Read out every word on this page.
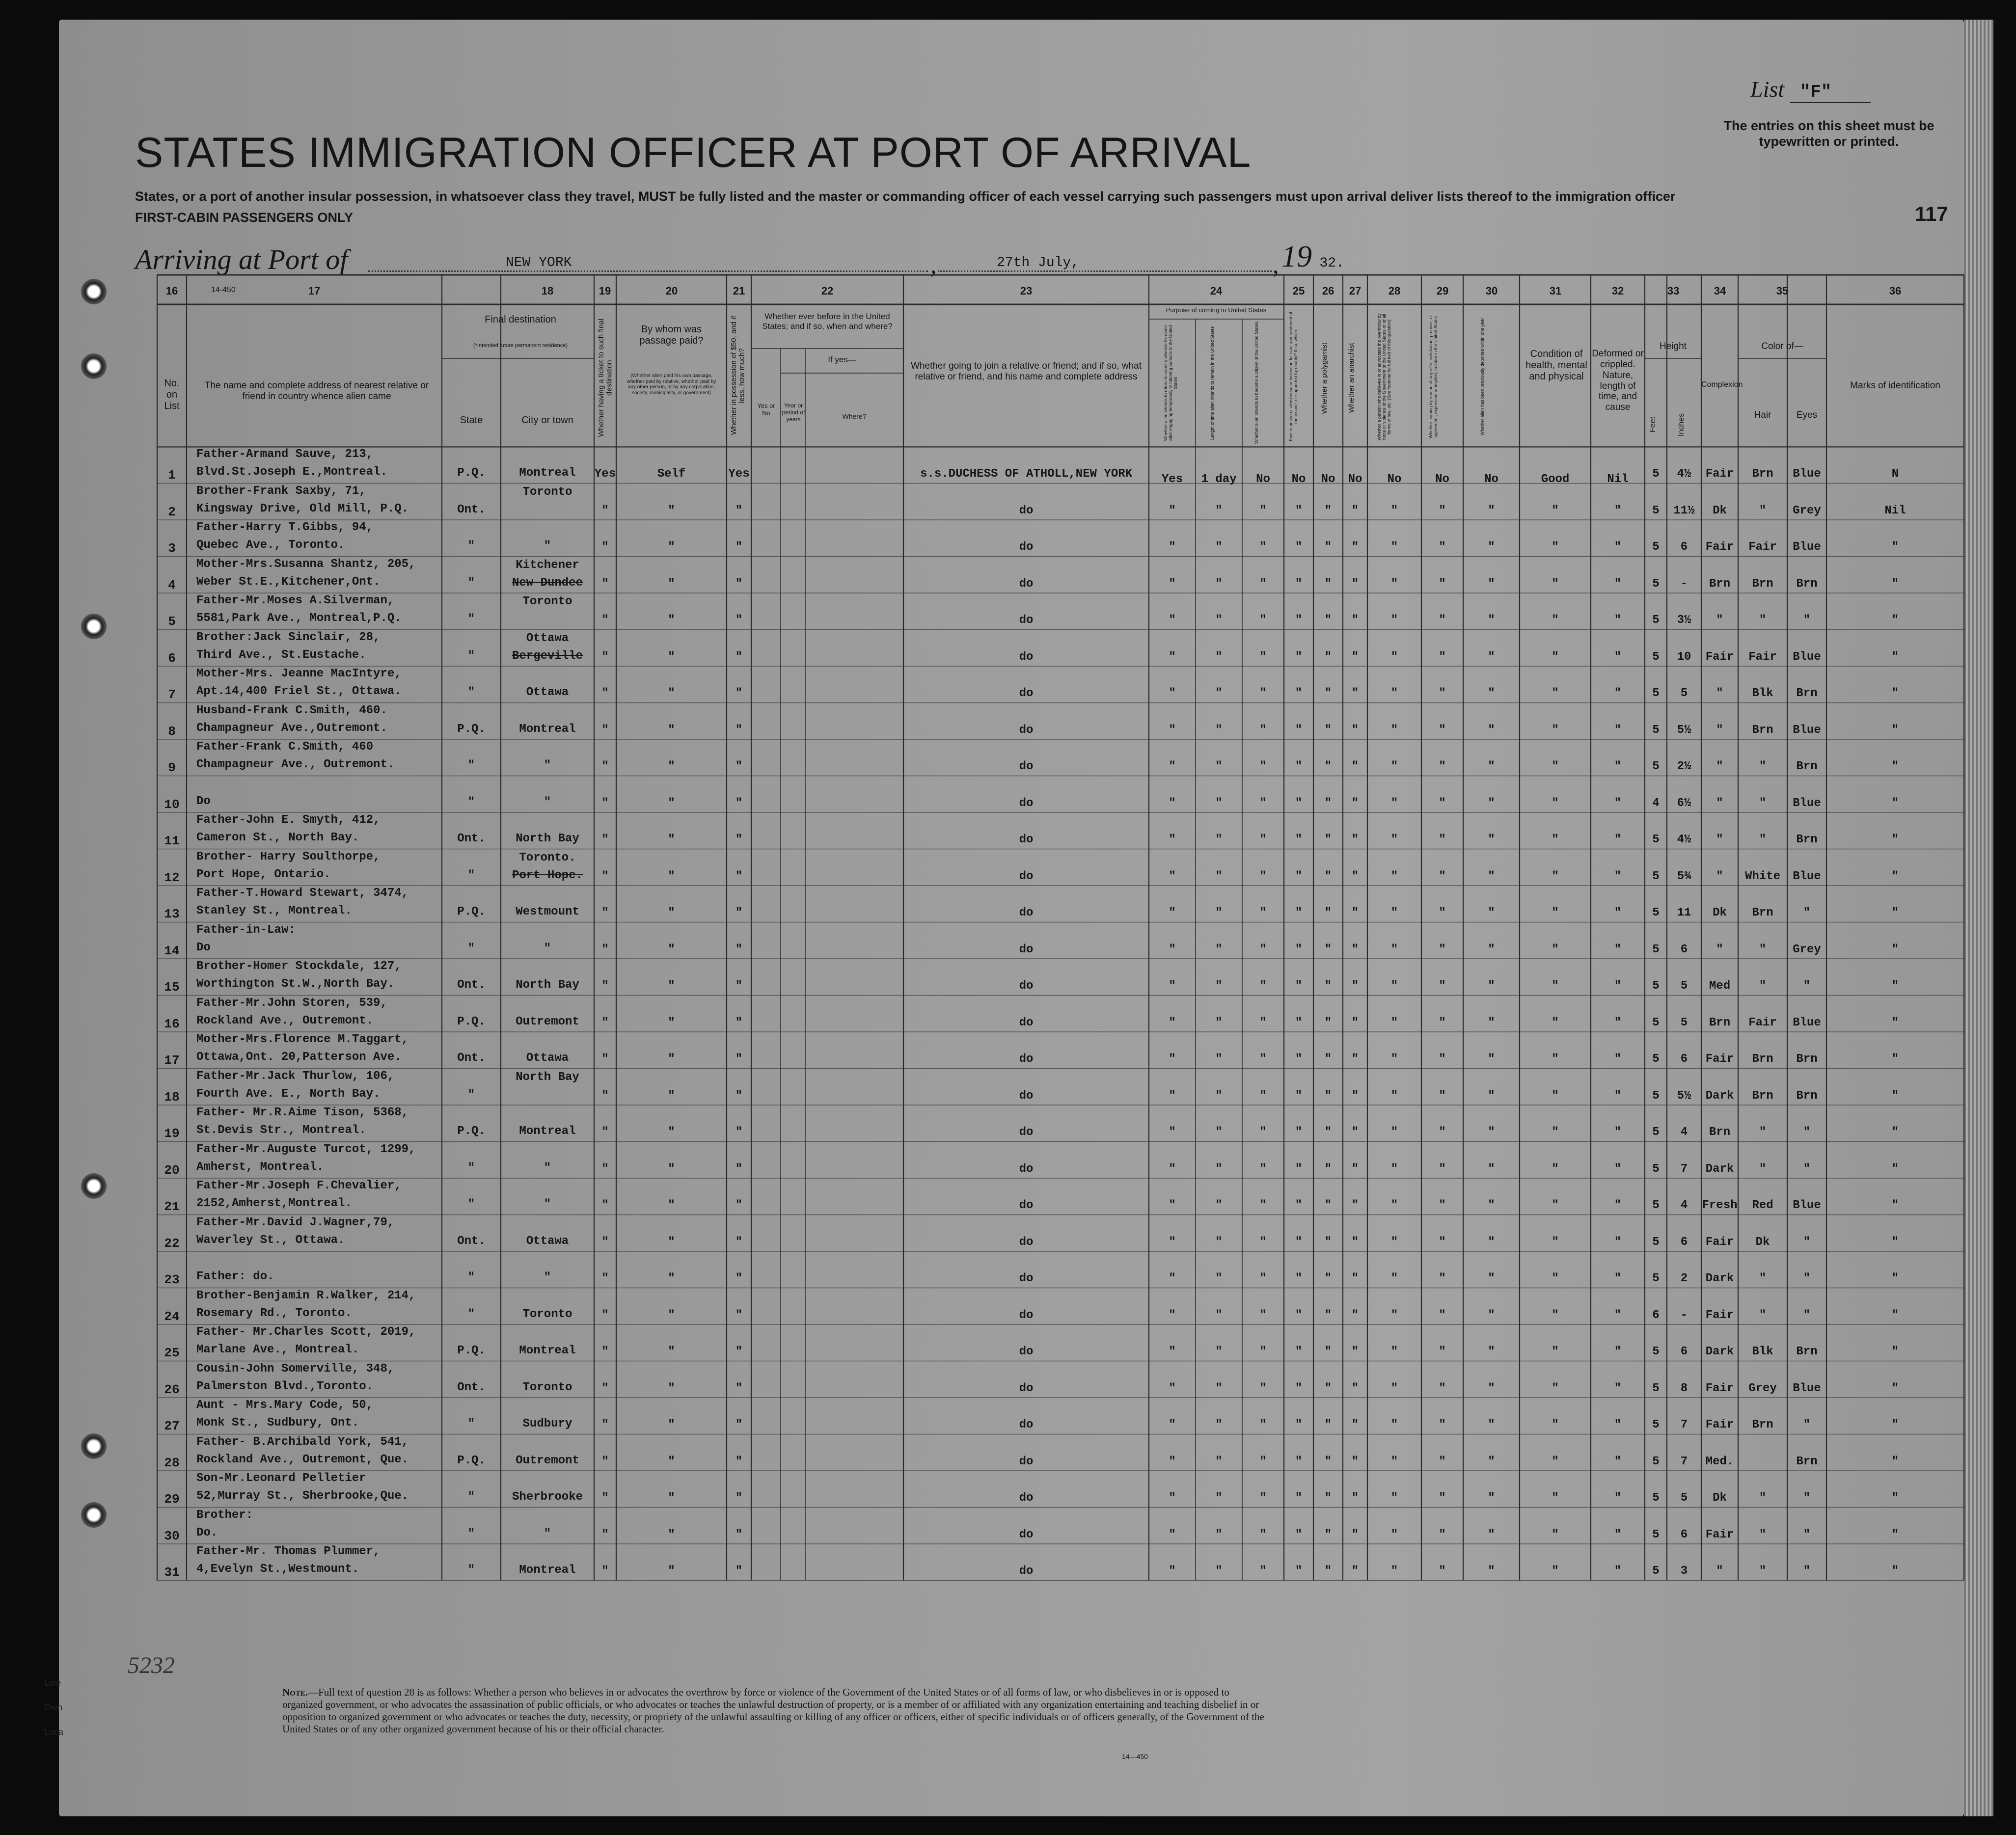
List "F"
The entries on this sheet must be typewritten or printed.
STATES IMMIGRATION OFFICER AT PORT OF ARRIVAL
States, or a port of another insular possession, in whatsoever class they travel, MUST be fully listed and the master or commanding officer of each vessel carrying such passengers must upon arrival deliver lists thereof to the immigration officer
FIRST-CABIN PASSENGERS ONLY	117
Arriving at Port of	NEW YORK	,	27th July,	, 19 32.
14-450
16	17	18	19	20	21	22	23	24	25	26	27	28	29	30	31	32	33	34	35	36
No. on List
The name and complete address of nearest relative or friend in country whence alien came
Final destination
(*Intended future permanent residence)
State	City or town	Whether having a ticket to such final destination
By whom was passage paid?
(Whether alien paid his own passage, whether paid by relative, whether paid by any other person, or by any corporation, society, municipality, or government)	Whether in possession of $50, and if less, how much?
Whether ever before in the United States; and if so, when and where?
Yes or No
If yes—
Year or period of years	Where?
Whether going to join a relative or friend; and if so, what relative or friend, and his name and complete address
Purpose of coming to United States
Whether alien intends to return to country whence he came after engaging temporarily in laboring pursuits in the United States	Length of time alien intends to remain in the United States	Whether alien intends to become a citizen of the United States	Ever in prison or almshouse or institution for care and treatment of the insane, or supported by charity? If so, which	Whether a polygamist	Whether an anarchist	Whether a person who believes in or advocates the overthrow by force or violence of the Government of the United States or of all forms of law, etc. (See footnote for full text of this question)	Whether coming by reason of any offer, solicitation, promise, or agreement, expressed or implied, to labor in the United States	Whether alien has been previously deported within one year	Condition of health, mental and physical
Deformed or crippled. Nature, length of time, and cause
Height
Feet	Inches
Complexion
Color of—
Hair	Eyes
Marks of identification
1
Father-Armand Sauve, 213,
Blvd.St.Joseph E.,Montreal.	P.Q.	Montreal	Yes	Self	Yes	s.s.DUCHESS OF ATHOLL,NEW YORK	Yes	1 day	No	No	No	No	No	No	No	Good	Nil	5	4½	Fair	Brn	Blue	N
2
Brother-Frank Saxby, 71,
Kingsway Drive, Old Mill, P.Q.	Ont.
Toronto
"	"	"	do	"	"	"	"	"	"	"	"	"	"	"	5	11½	Dk	"	Grey	Nil
3
Father-Harry T.Gibbs, 94,
Quebec Ave., Toronto.	"	"	"	"	"	do	"	"	"	"	"	"	"	"	"	"	"	5	6	Fair	Fair	Blue	"
4
Mother-Mrs.Susanna Shantz, 205,
Weber St.E.,Kitchener,Ont.	"
Kitchener
New Dundee	"	"	"	do	"	"	"	"	"	"	"	"	"	"	"	5	-	Brn	Brn	Brn	"
5
Father-Mr.Moses A.Silverman,
5581,Park Ave., Montreal,P.Q.	"
Toronto
"	"	"	do	"	"	"	"	"	"	"	"	"	"	"	5	3½	"	"	"	"
6
Brother:Jack Sinclair, 28,
Third Ave., St.Eustache.	"
Ottawa
Bergeville	"	"	"	do	"	"	"	"	"	"	"	"	"	"	"	5	10	Fair	Fair	Blue	"
7
Mother-Mrs. Jeanne MacIntyre,
Apt.14,400 Friel St., Ottawa.	"	Ottawa	"	"	"	do	"	"	"	"	"	"	"	"	"	"	"	5	5	"	Blk	Brn	"
8
Husband-Frank C.Smith, 460.
Champagneur Ave.,Outremont.	P.Q.	Montreal	"	"	"	do	"	"	"	"	"	"	"	"	"	"	"	5	5½	"	Brn	Blue	"
9
Father-Frank C.Smith, 460
Champagneur Ave., Outremont.	"	"	"	"	"	do	"	"	"	"	"	"	"	"	"	"	"	5	2½	"	"	Brn	"
10	Do	"	"	"	"	"	do	"	"	"	"	"	"	"	"	"	"	"	4	6½	"	"	Blue	"
11
Father-John E. Smyth, 412,
Cameron St., North Bay.	Ont.	North Bay	"	"	"	do	"	"	"	"	"	"	"	"	"	"	"	5	4½	"	"	Brn	"
12
Brother- Harry Soulthorpe,
Port Hope, Ontario.	"
Toronto.
Port Hope.	"	"	"	do	"	"	"	"	"	"	"	"	"	"	"	5	5¾	"	White	Blue	"
13
Father-T.Howard Stewart, 3474,
Stanley St., Montreal.	P.Q.	Westmount	"	"	"	do	"	"	"	"	"	"	"	"	"	"	"	5	11	Dk	Brn	"	"
14
Father-in-Law:
Do	"	"	"	"	"	do	"	"	"	"	"	"	"	"	"	"	"	5	6	"	"	Grey	"
15
Brother-Homer Stockdale, 127,
Worthington St.W.,North Bay.	Ont.	North Bay	"	"	"	do	"	"	"	"	"	"	"	"	"	"	"	5	5	Med	"	"	"
16
Father-Mr.John Storen, 539,
Rockland Ave., Outremont.	P.Q.	Outremont	"	"	"	do	"	"	"	"	"	"	"	"	"	"	"	5	5	Brn	Fair	Blue	"
17
Mother-Mrs.Florence M.Taggart,
Ottawa,Ont. 20,Patterson Ave.	Ont.	Ottawa	"	"	"	do	"	"	"	"	"	"	"	"	"	"	"	5	6	Fair	Brn	Brn	"
18
Father-Mr.Jack Thurlow, 106,
Fourth Ave. E., North Bay.	"
North Bay
"	"	"	do	"	"	"	"	"	"	"	"	"	"	"	5	5½	Dark	Brn	Brn	"
19
Father- Mr.R.Aime Tison, 5368,
St.Devis Str., Montreal.	P.Q.	Montreal	"	"	"	do	"	"	"	"	"	"	"	"	"	"	"	5	4	Brn	"	"	"
20
Father-Mr.Auguste Turcot, 1299,
Amherst, Montreal.	"	"	"	"	"	do	"	"	"	"	"	"	"	"	"	"	"	5	7	Dark	"	"	"
21
Father-Mr.Joseph F.Chevalier,
2152,Amherst,Montreal.	"	"	"	"	"	do	"	"	"	"	"	"	"	"	"	"	"	5	4	Fresh	Red	Blue	"
22
Father-Mr.David J.Wagner,79,
Waverley St., Ottawa.	Ont.	Ottawa	"	"	"	do	"	"	"	"	"	"	"	"	"	"	"	5	6	Fair	Dk	"	"
23	Father: do.	"	"	"	"	"	do	"	"	"	"	"	"	"	"	"	"	"	5	2	Dark	"	"	"
24
Brother-Benjamin R.Walker, 214,
Rosemary Rd., Toronto.	"	Toronto	"	"	"	do	"	"	"	"	"	"	"	"	"	"	"	6	-	Fair	"	"	"
25
Father- Mr.Charles Scott, 2019,
Marlane Ave., Montreal.	P.Q.	Montreal	"	"	"	do	"	"	"	"	"	"	"	"	"	"	"	5	6	Dark	Blk	Brn	"
26
Cousin-John Somerville, 348,
Palmerston Blvd.,Toronto.	Ont.	Toronto	"	"	"	do	"	"	"	"	"	"	"	"	"	"	"	5	8	Fair	Grey	Blue	"
27
Aunt - Mrs.Mary Code, 50,
Monk St., Sudbury, Ont.	"	Sudbury	"	"	"	do	"	"	"	"	"	"	"	"	"	"	"	5	7	Fair	Brn	"	"
28
Father- B.Archibald York, 541,
Rockland Ave., Outremont, Que.	P.Q.	Outremont	"	"	"	do	"	"	"	"	"	"	"	"	"	"	"	5	7	Med.	Brn	"
29
Son-Mr.Leonard Pelletier
52,Murray St., Sherbrooke,Que.	"	Sherbrooke	"	"	"	do	"	"	"	"	"	"	"	"	"	"	"	5	5	Dk	"	"	"
30
Brother:
Do.	"	"	"	"	"	do	"	"	"	"	"	"	"	"	"	"	"	5	6	Fair	"	"	"
31
Father-Mr. Thomas Plummer,
4,Evelyn St.,Westmount.	"	Montreal	"	"	"	do	"	"	"	"	"	"	"	"	"	"	"	5	3	"	"	"	"
Line
Own
Loca
5232
Note.—Full text of question 28 is as follows: Whether a person who believes in or advocates the overthrow by force or violence of the Government of the United States or of all forms of law, or who disbelieves in or is opposed to organized government, or who advocates the assassination of public officials, or who advocates or teaches the unlawful destruction of property, or is a member of or affiliated with any organization entertaining and teaching disbelief in or opposition to organized government or who advocates or teaches the duty, necessity, or propriety of the unlawful assaulting or killing of any officer or officers, either of specific individuals or of officers generally, of the Government of the United States or of any other organized government because of his or their official character.
14—450
